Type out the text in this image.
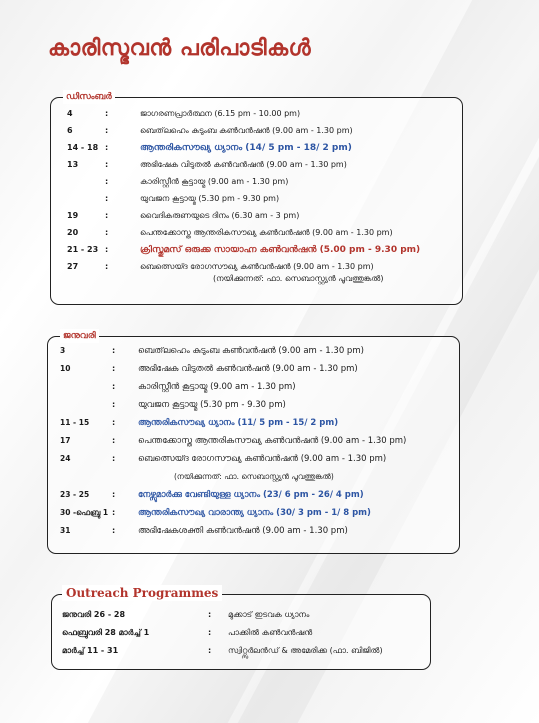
കാരിസ്ഭവൻ പരിപാടികൾ
ഡിസംബർ
4	:	ജാഗരണപ്രാർത്ഥന (6.15 pm - 10.00 pm)
6	:	ബെത്‌ലഹെം കുടുംബ കൺവൻഷൻ (9.00 am - 1.30 pm)
14 - 18 :	ആന്തരികസൗഖ്യ ധ്യാനം (14/ 5 pm - 18/ 2 pm)
13	:	അഭിഷേക വിടുതൽ കൺവൻഷൻ (9.00 am - 1.30 pm)
:	കാരിസ്റ്റീൻ കൂട്ടായ്മ (9.00 am - 1.30 pm)
:	യുവജന കൂട്ടായ്മ (5.30 pm - 9.30 pm)
19	:	വൈദികരുണയുടെ ദിനം (6.30 am - 3 pm)
20	:	പെന്തക്കോസ്ത ആന്തരികസൗഖ്യ കൺവൻഷൻ (9.00 am - 1.30 pm)
21 - 23 :	ക്രിസ്തുമസ് ഒരുക്ക സായാഹ്ന കൺവൻഷൻ (5.00 pm - 9.30 pm)
27	:	ബെത്സെയ്ദ രോഗസൗഖ്യ കൺവൻഷൻ (9.00 am - 1.30 pm)
(നയിക്കുന്നത്: ഫാ. സെബാസ്റ്റ്യൻ പൂവത്തുങ്കൽ)
ജനുവരി
3	:	ബെത്‌ലഹെം കുടുംബ കൺവൻഷൻ (9.00 am - 1.30 pm)
10	:	അഭിഷേക വിടുതൽ കൺവൻഷൻ (9.00 am - 1.30 pm)
:	കാരിസ്റ്റീൻ കൂട്ടായ്മ (9.00 am - 1.30 pm)
:	യുവജന കൂട്ടായ്മ (5.30 pm - 9.30 pm)
11 - 15	:	ആന്തരികസൗഖ്യ ധ്യാനം (11/ 5 pm - 15/ 2 pm)
17	:	പെന്തക്കോസ്ത ആന്തരികസൗഖ്യ കൺവൻഷൻ (9.00 am - 1.30 pm)
24	:	ബെത്സെയ്ദ രോഗസൗഖ്യ കൺവൻഷൻ (9.00 am - 1.30 pm)
(നയിക്കുന്നത്: ഫാ. സെബാസ്റ്റ്യൻ പൂവത്തുങ്കൽ)
23 - 25	:	നേഴ്സുമാർക്കു വേണ്ടിയുള്ള ധ്യാനം (23/ 6 pm - 26/ 4 pm)
30 -ഫെബ്രു 1 :	ആന്തരികസൗഖ്യ വാരാന്ത്യ ധ്യാനം (30/ 3 pm - 1/ 8 pm)
31	:	അഭിഷേകശക്തി കൺവൻഷൻ (9.00 am - 1.30 pm)
Outreach Programmes
ജനുവരി 26 - 28	: മുക്കാട് ഇടവക ധ്യാനം
ഫെബ്രുവരി 28 മാർച്ച് 1	: പാക്കിൽ കൺവൻഷൻ
മാർച്ച് 11 - 31	: സ്വിറ്റ്സർലൻഡ് & അമേരിക്ക (ഫാ. ബിജിൽ)
